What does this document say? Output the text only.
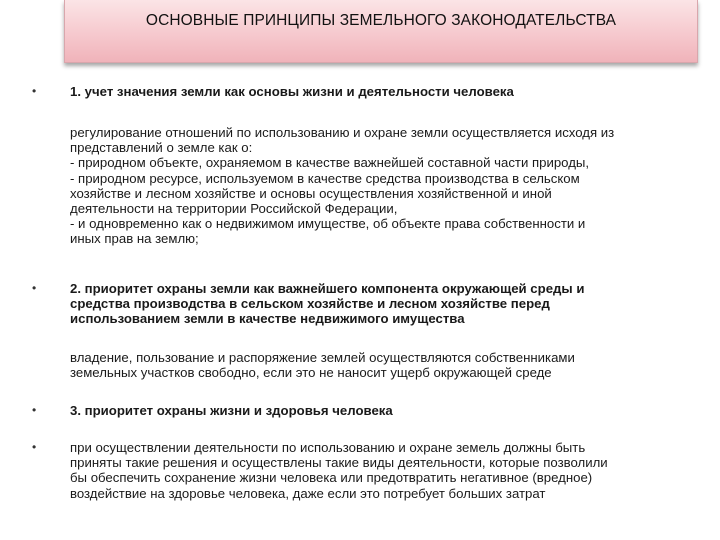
ОСНОВНЫЕ ПРИНЦИПЫ ЗЕМЕЛЬНОГО ЗАКОНОДАТЕЛЬСТВА
•	1. учет значения земли как основы жизни и деятельности человека
регулирование отношений по использованию и охране земли осуществляется исходя из
представлений о земле как о:
- природном объекте, охраняемом в качестве важнейшей составной части природы,
- природном ресурсе, используемом в качестве средства производства в сельском
хозяйстве и лесном хозяйстве и основы осуществления хозяйственной и иной
деятельности на территории Российской Федерации,
- и одновременно как о недвижимом имуществе, об объекте права собственности и
иных прав на землю;
•	2. приоритет охраны земли как важнейшего компонента окружающей среды и
средства производства в сельском хозяйстве и лесном хозяйстве перед
использованием земли в качестве недвижимого имущества
владение, пользование и распоряжение землей осуществляются собственниками
земельных участков свободно, если это не наносит ущерб окружающей среде
•	3. приоритет охраны жизни и здоровья человека
•	при осуществлении деятельности по использованию и охране земель должны быть
приняты такие решения и осуществлены такие виды деятельности, которые позволили
бы обеспечить сохранение жизни человека или предотвратить негативное (вредное)
воздействие на здоровье человека, даже если это потребует больших затрат
